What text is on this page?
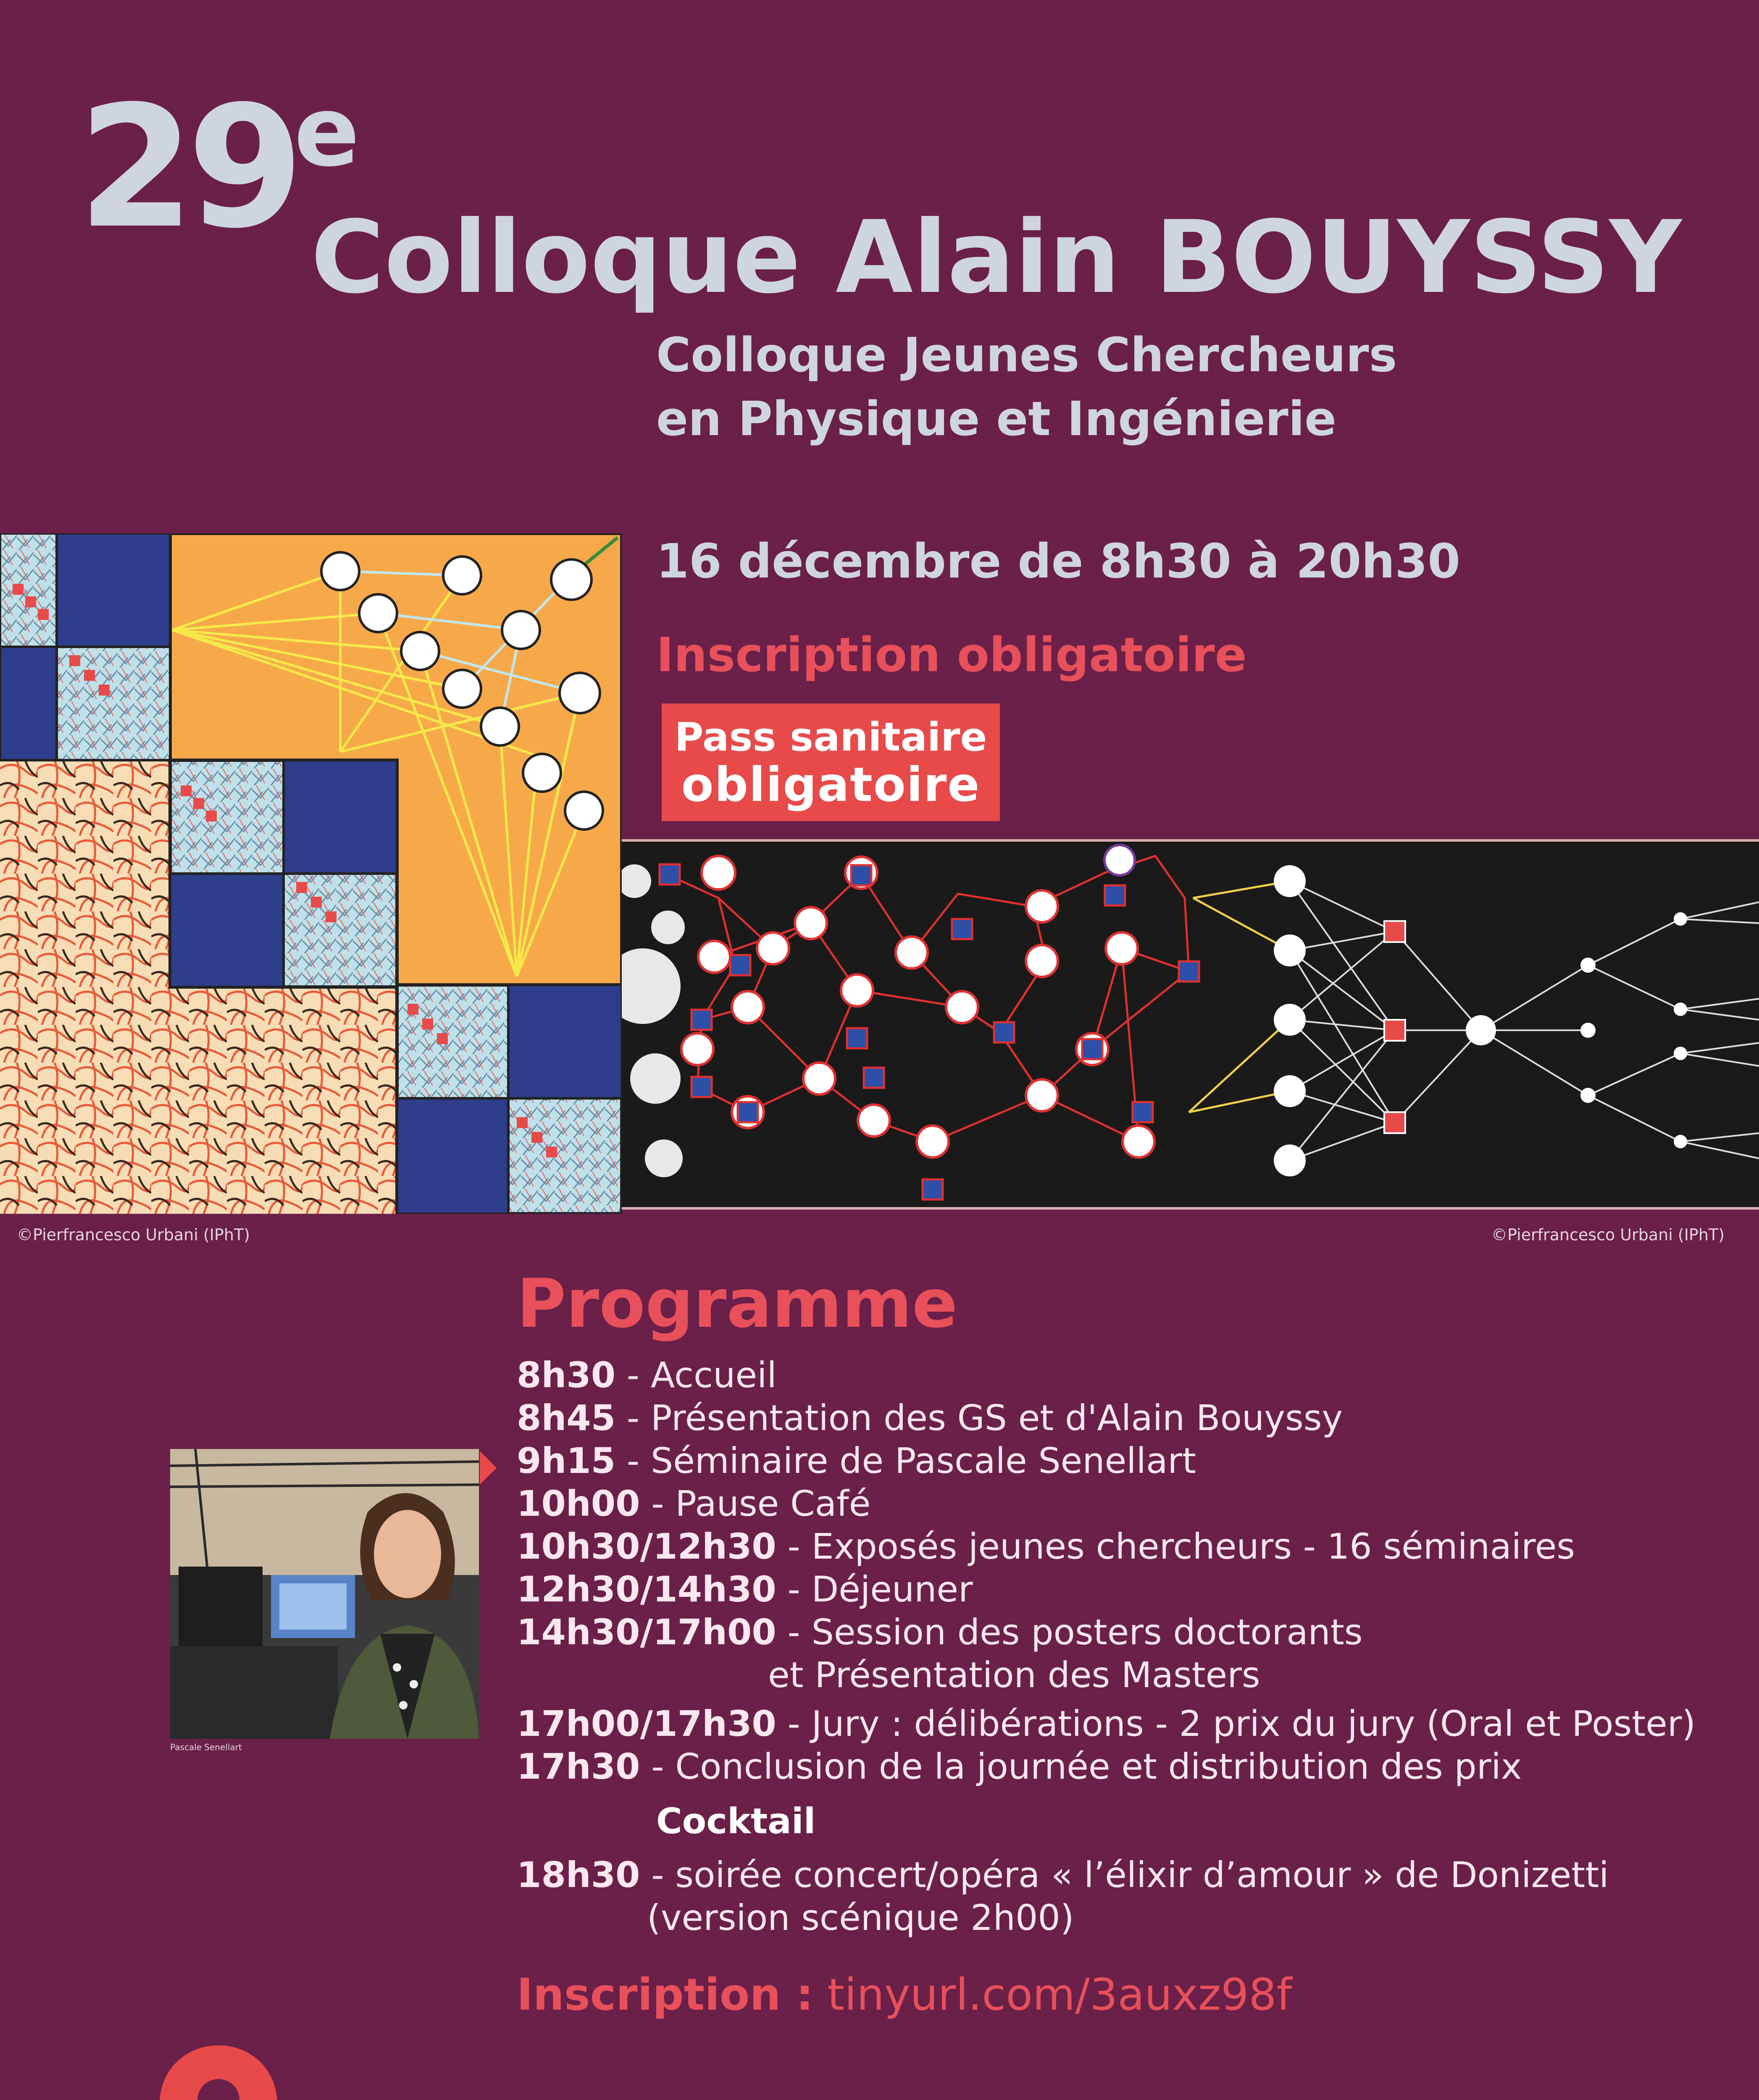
29
e
Colloque Alain BOUYSSY
Colloque Jeunes Chercheurs
en Physique et Ingénierie
16 décembre de 8h30 à 20h30
Inscription obligatoire
Pass sanitaire
obligatoire
©Pierfrancesco Urbani (IPhT)	©Pierfrancesco Urbani (IPhT)
Programme
Pascale Senellart
8h30 - Accueil
8h45 - Présentation des GS et d'Alain Bouyssy
9h15 - Séminaire de Pascale Senellart
10h00 - Pause Café
10h30/12h30 - Exposés jeunes chercheurs - 16 séminaires
12h30/14h30 - Déjeuner
14h30/17h00 - Session des posters doctorants
et Présentation des Masters
17h00/17h30 - Jury : délibérations - 2 prix du jury (Oral et Poster)
17h30 - Conclusion de la journée et distribution des prix
Cocktail
18h30 - soirée concert/opéra « l’élixir d’amour » de Donizetti
(version scénique 2h00)
Inscription : tinyurl.com/3auxz98f
